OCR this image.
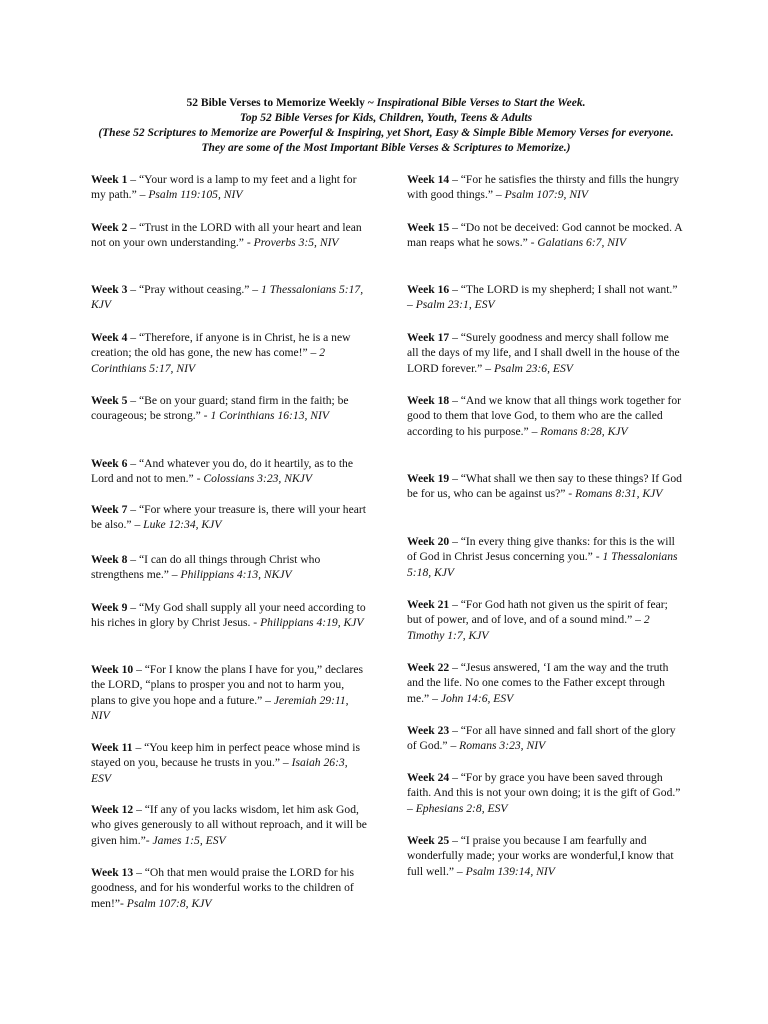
52 Bible Verses to Memorize Weekly ~ Inspirational Bible Verses to Start the Week.
Top 52 Bible Verses for Kids, Children, Youth, Teens & Adults
(These 52 Scriptures to Memorize are Powerful & Inspiring, yet Short, Easy & Simple Bible Memory Verses for everyone. They are some of the Most Important Bible Verses & Scriptures to Memorize.)
Week 1 – “Your word is a lamp to my feet and a light for my path.” – Psalm 119:105, NIV
Week 2 – “Trust in the LORD with all your heart and lean not on your own understanding.” - Proverbs 3:5, NIV
Week 3 – “Pray without ceasing.” – 1 Thessalonians 5:17, KJV
Week 4 – “Therefore, if anyone is in Christ, he is a new creation; the old has gone, the new has come!” – 2 Corinthians 5:17, NIV
Week 5 – “Be on your guard; stand firm in the faith; be courageous; be strong.” - 1 Corinthians 16:13, NIV
Week 6 – “And whatever you do, do it heartily, as to the Lord and not to men.” - Colossians 3:23, NKJV
Week 7 – “For where your treasure is, there will your heart be also.” – Luke 12:34, KJV
Week 8 – “I can do all things through Christ who strengthens me.” – Philippians 4:13, NKJV
Week 9 – “My God shall supply all your need according to his riches in glory by Christ Jesus. - Philippians 4:19, KJV
Week 10 – “For I know the plans I have for you,” declares the LORD, “plans to prosper you and not to harm you, plans to give you hope and a future.” – Jeremiah 29:11, NIV
Week 11 – “You keep him in perfect peace whose mind is stayed on you, because he trusts in you.” – Isaiah 26:3, ESV
Week 12 – “If any of you lacks wisdom, let him ask God, who gives generously to all without reproach, and it will be given him.”- James 1:5, ESV
Week 13 – “Oh that men would praise the LORD for his goodness, and for his wonderful works to the children of men!”- Psalm 107:8, KJV
Week 14 – “For he satisfies the thirsty and fills the hungry with good things.” – Psalm 107:9, NIV
Week 15 – “Do not be deceived: God cannot be mocked. A man reaps what he sows.” - Galatians 6:7, NIV
Week 16 – “The LORD is my shepherd; I shall not want.” – Psalm 23:1, ESV
Week 17 – “Surely goodness and mercy shall follow me all the days of my life, and I shall dwell in the house of the LORD forever.” – Psalm 23:6, ESV
Week 18 – “And we know that all things work together for good to them that love God, to them who are the called according to his purpose.” – Romans 8:28, KJV
Week 19 – “What shall we then say to these things? If God be for us, who can be against us?” - Romans 8:31, KJV
Week 20 – “In every thing give thanks: for this is the will of God in Christ Jesus concerning you.” - 1 Thessalonians 5:18, KJV
Week 21 – “For God hath not given us the spirit of fear; but of power, and of love, and of a sound mind.” – 2 Timothy 1:7, KJV
Week 22 – “Jesus answered, ‘I am the way and the truth and the life. No one comes to the Father except through me.” – John 14:6, ESV
Week 23 – “For all have sinned and fall short of the glory of God.” – Romans 3:23, NIV
Week 24 – “For by grace you have been saved through faith. And this is not your own doing; it is the gift of God.” – Ephesians 2:8, ESV
Week 25 – “I praise you because I am fearfully and wonderfully made; your works are wonderful,I know that full well.” – Psalm 139:14, NIV
